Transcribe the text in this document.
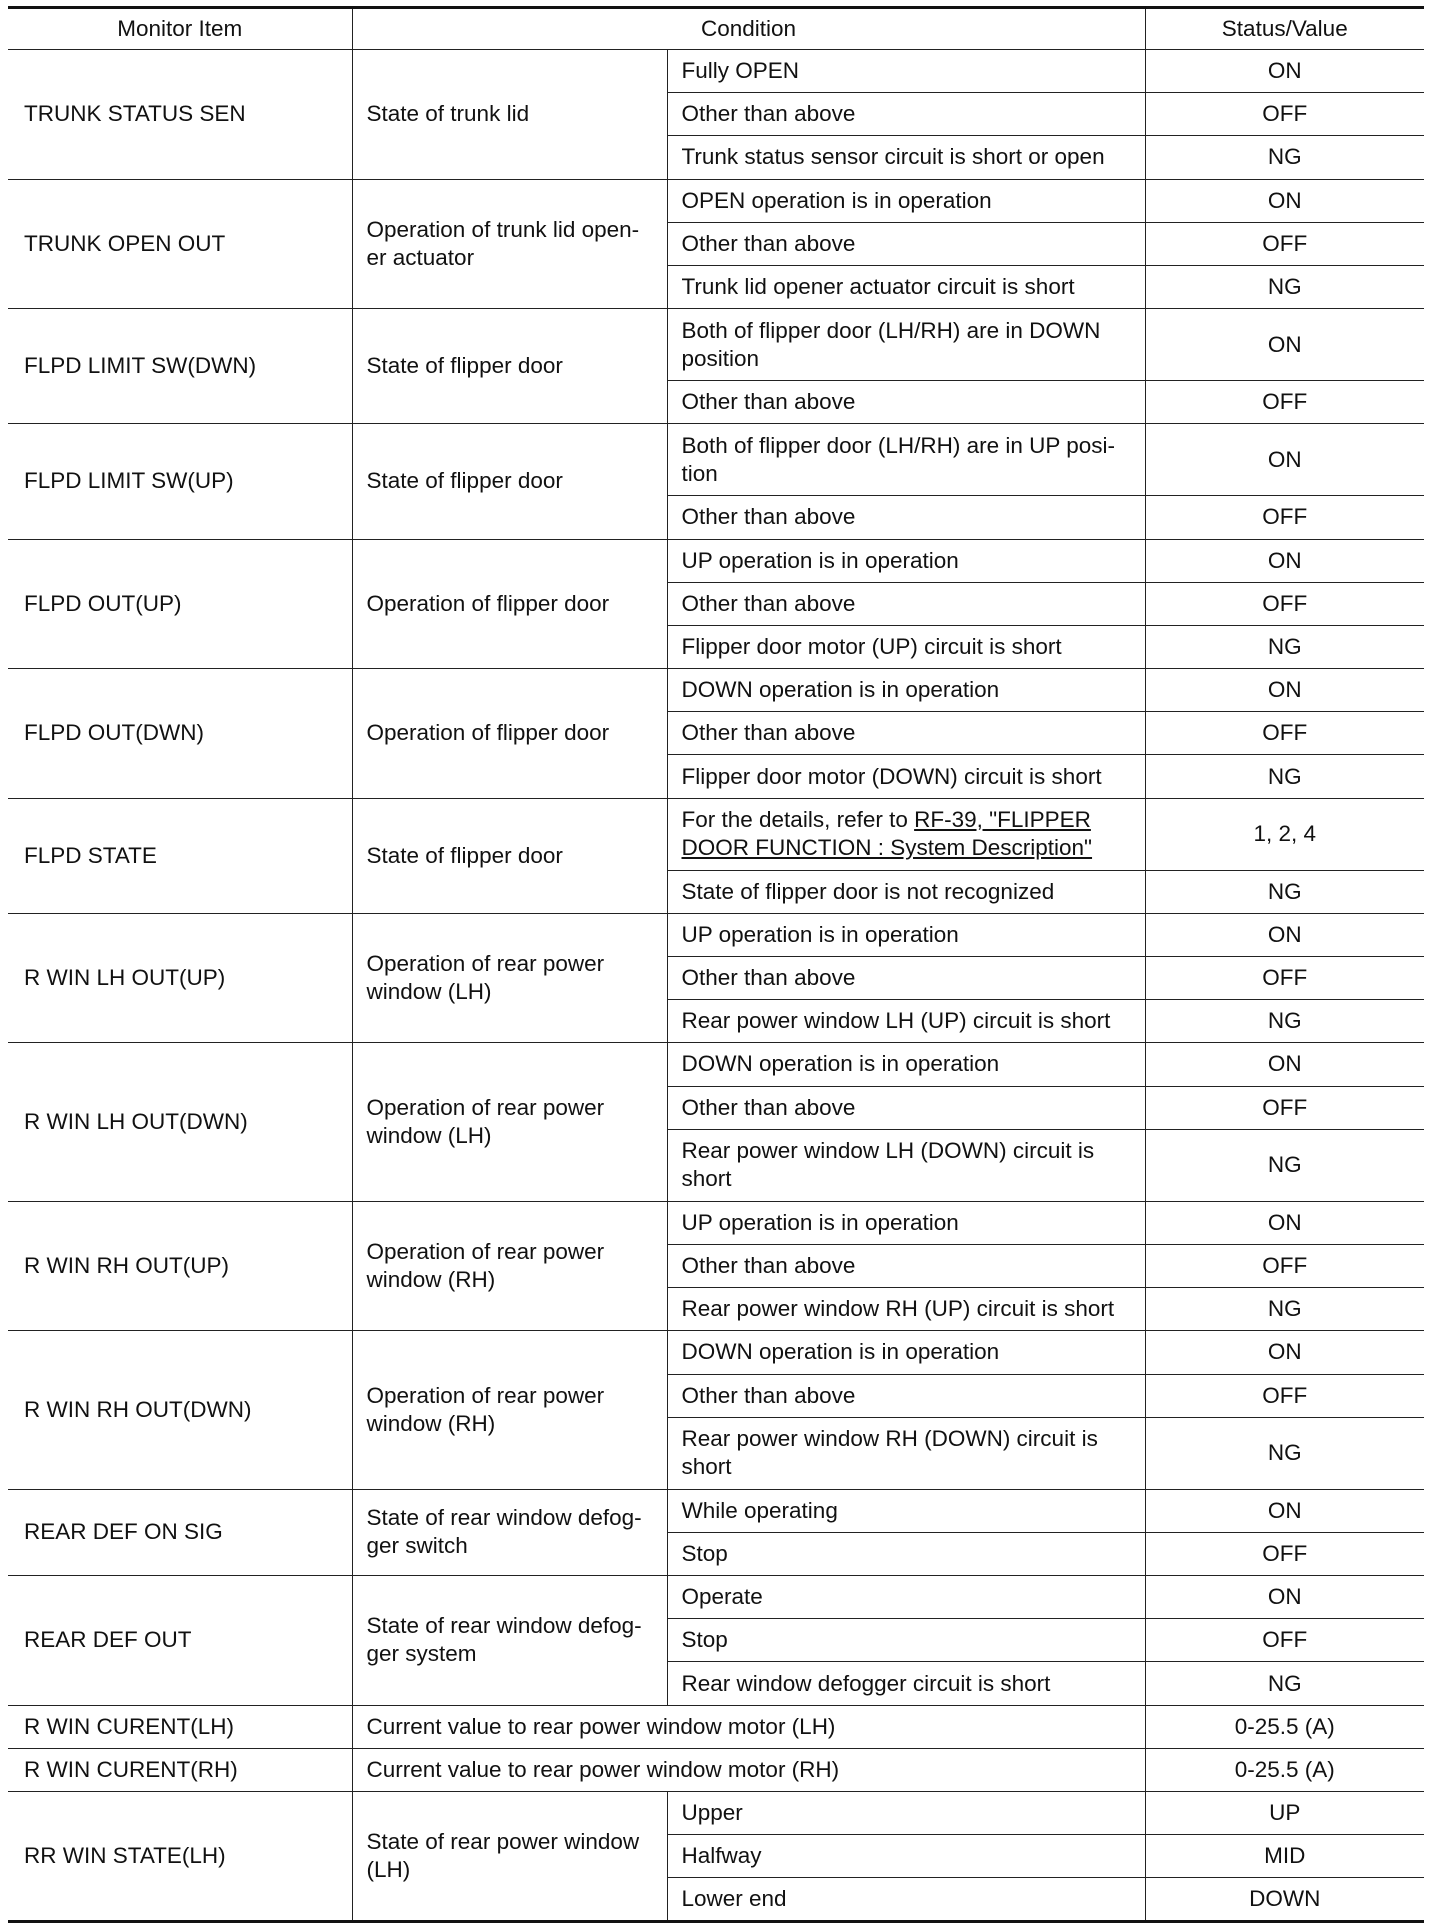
Monitor Item	Condition		Status/Value
TRUNK STATUS SEN	State of trunk lid	Fully OPEN	ON
		Other than above	OFF
		Trunk status sensor circuit is short or open	NG
TRUNK OPEN OUT	Operation of trunk lid open-er actuator	OPEN operation is in operation	ON
		Other than above	OFF
		Trunk lid opener actuator circuit is short	NG
FLPD LIMIT SW(DWN)	State of flipper door	Both of flipper door (LH/RH) are in DOWN position	ON
		Other than above	OFF
FLPD LIMIT SW(UP)	State of flipper door	Both of flipper door (LH/RH) are in UP posi-tion	ON
		Other than above	OFF
FLPD OUT(UP)	Operation of flipper door	UP operation is in operation	ON
		Other than above	OFF
		Flipper door motor (UP) circuit is short	NG
FLPD OUT(DWN)	Operation of flipper door	DOWN operation is in operation	ON
		Other than above	OFF
		Flipper door motor (DOWN) circuit is short	NG
FLPD STATE	State of flipper door	For the details, refer to RF-39, "FLIPPER DOOR FUNCTION : System Description"	1, 2, 4
		State of flipper door is not recognized	NG
R WIN LH OUT(UP)	Operation of rear power window (LH)	UP operation is in operation	ON
		Other than above	OFF
		Rear power window LH (UP) circuit is short	NG
R WIN LH OUT(DWN)	Operation of rear power window (LH)	DOWN operation is in operation	ON
		Other than above	OFF
		Rear power window LH (DOWN) circuit is short	NG
R WIN RH OUT(UP)	Operation of rear power window (RH)	UP operation is in operation	ON
		Other than above	OFF
		Rear power window RH (UP) circuit is short	NG
R WIN RH OUT(DWN)	Operation of rear power window (RH)	DOWN operation is in operation	ON
		Other than above	OFF
		Rear power window RH (DOWN) circuit is short	NG
REAR DEF ON SIG	State of rear window defog-ger switch	While operating	ON
		Stop	OFF
REAR DEF OUT	State of rear window defog-ger system	Operate	ON
		Stop	OFF
		Rear window defogger circuit is short	NG
R WIN CURENT(LH)	Current value to rear power window motor (LH)		0-25.5 (A)
R WIN CURENT(RH)	Current value to rear power window motor (RH)		0-25.5 (A)
RR WIN STATE(LH)	State of rear power window (LH)	Upper	UP
		Halfway	MID
		Lower end	DOWN
